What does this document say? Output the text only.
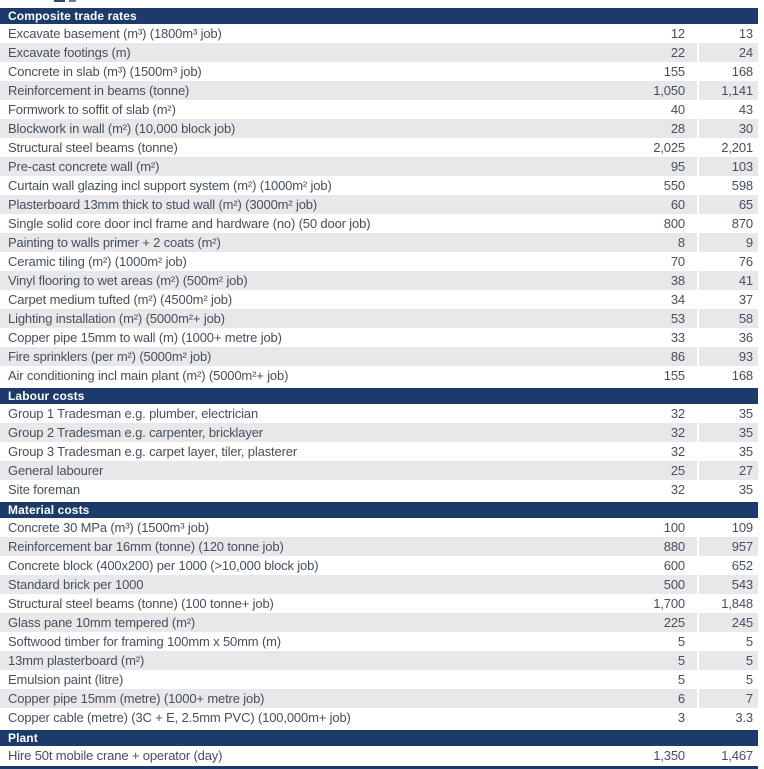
Composite trade rates
Excavate basement (m³) (1800m³ job)	12	13
Excavate footings (m)	22	24
Concrete in slab (m³) (1500m³ job)	155	168
Reinforcement in beams (tonne)	1,050	1,141
Formwork to soffit of slab (m²)	40	43
Blockwork in wall (m²) (10,000 block job)	28	30
Structural steel beams (tonne)	2,025	2,201
Pre-cast concrete wall (m²)	95	103
Curtain wall glazing incl support system (m²) (1000m² job)	550	598
Plasterboard 13mm thick to stud wall (m²) (3000m² job)	60	65
Single solid core door incl frame and hardware (no) (50 door job)	800	870
Painting to walls primer + 2 coats (m²)	8	9
Ceramic tiling (m²) (1000m² job)	70	76
Vinyl flooring to wet areas (m²) (500m² job)	38	41
Carpet medium tufted (m²) (4500m² job)	34	37
Lighting installation (m²) (5000m²+ job)	53	58
Copper pipe 15mm to wall (m) (1000+ metre job)	33	36
Fire sprinklers (per m²) (5000m² job)	86	93
Air conditioning incl main plant (m²) (5000m²+ job)	155	168
Labour costs
Group 1 Tradesman e.g. plumber, electrician	32	35
Group 2 Tradesman e.g. carpenter, bricklayer	32	35
Group 3 Tradesman e.g. carpet layer, tiler, plasterer	32	35
General labourer	25	27
Site foreman	32	35
Material costs
Concrete 30 MPa (m³) (1500m³ job)	100	109
Reinforcement bar 16mm (tonne) (120 tonne job)	880	957
Concrete block (400x200) per 1000 (>10,000 block job)	600	652
Standard brick per 1000	500	543
Structural steel beams (tonne) (100 tonne+ job)	1,700	1,848
Glass pane 10mm tempered (m²)	225	245
Softwood timber for framing 100mm x 50mm (m)	5	5
13mm plasterboard (m²)	5	5
Emulsion paint (litre)	5	5
Copper pipe 15mm (metre) (1000+ metre job)	6	7
Copper cable (metre) (3C + E, 2.5mm PVC) (100,000m+ job)	3	3.3
Plant
Hire 50t mobile crane + operator (day)	1,350	1,467
